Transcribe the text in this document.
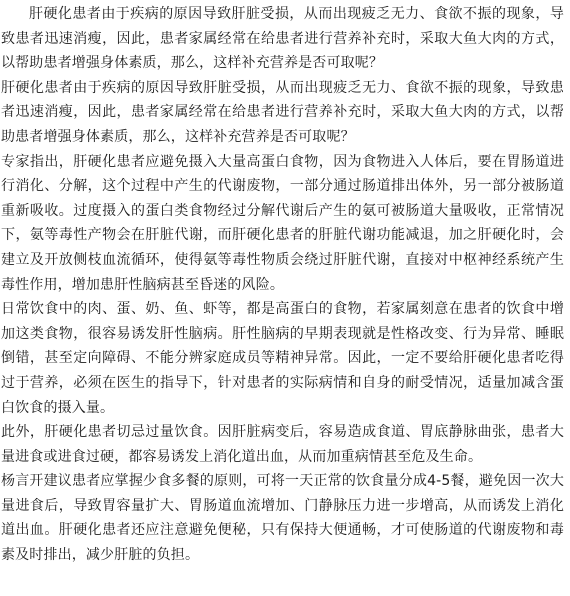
肝硬化患者由于疾病的原因导致肝脏受损，从而出现疲乏无力、食欲不振的现象，导致患者迅速消瘦，因此，患者家属经常在给患者进行营养补充时，采取大鱼大肉的方式，以帮助患者增强身体素质，那么，这样补充营养是否可取呢？

肝硬化患者由于疾病的原因导致肝脏受损，从而出现疲乏无力、食欲不振的现象，导致患者迅速消瘦，因此，患者家属经常在给患者进行营养补充时，采取大鱼大肉的方式，以帮助患者增强身体素质，那么，这样补充营养是否可取呢？

专家指出，肝硬化患者应避免摄入大量高蛋白食物，因为食物进入人体后，要在胃肠道进行消化、分解，这个过程中产生的代谢废物，一部分通过肠道排出体外，另一部分被肠道重新吸收。过度摄入的蛋白类食物经过分解代谢后产生的氨可被肠道大量吸收，正常情况下，氨等毒性产物会在肝脏代谢，而肝硬化患者的肝脏代谢功能减退，加之肝硬化时，会建立及开放侧枝血流循环，使得氨等毒性物质会绕过肝脏代谢，直接对中枢神经系统产生毒性作用，增加患肝性脑病甚至昏迷的风险。

日常饮食中的肉、蛋、奶、鱼、虾等，都是高蛋白的食物，若家属刻意在患者的饮食中增加这类食物，很容易诱发肝性脑病。肝性脑病的早期表现就是性格改变、行为异常、睡眠倒错，甚至定向障碍、不能分辨家庭成员等精神异常。因此，一定不要给肝硬化患者吃得过于营养，必须在医生的指导下，针对患者的实际病情和自身的耐受情况，适量加减含蛋白饮食的摄入量。

此外，肝硬化患者切忌过量饮食。因肝脏病变后，容易造成食道、胃底静脉曲张，患者大量进食或进食过硬，都容易诱发上消化道出血，从而加重病情甚至危及生命。

杨言开建议患者应掌握少食多餐的原则，可将一天正常的饮食量分成4-5餐，避免因一次大量进食后，导致胃容量扩大、胃肠道血流增加、门静脉压力进一步增高，从而诱发上消化道出血。肝硬化患者还应注意避免便秘，只有保持大便通畅，才可使肠道的代谢废物和毒素及时排出，减少肝脏的负担。
